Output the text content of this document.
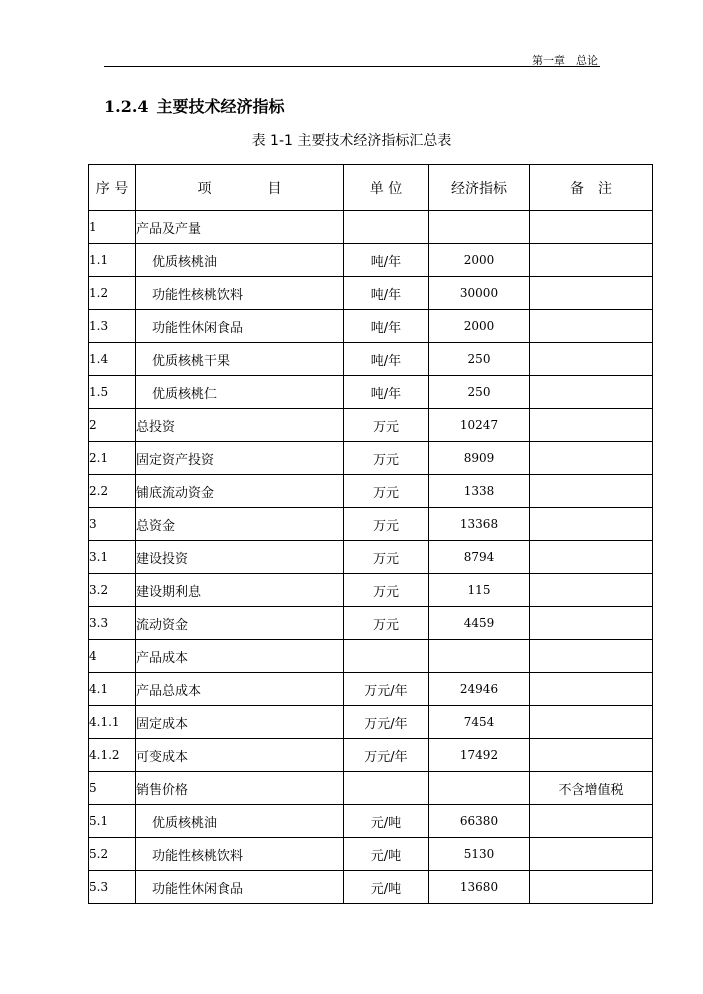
第一章　总论
1.2.4 主要技术经济指标
表 1-1 主要技术经济指标汇总表
序 号	项　　　　目	单 位	经济指标	备　注
1	产品及产量			
1.1	优质核桃油	吨/年	2000	
1.2	功能性核桃饮料	吨/年	30000	
1.3	功能性休闲食品	吨/年	2000	
1.4	优质核桃干果	吨/年	250	
1.5	优质核桃仁	吨/年	250	
2	总投资	万元	10247	
2.1	固定资产投资	万元	8909	
2.2	铺底流动资金	万元	1338	
3	总资金	万元	13368	
3.1	建设投资	万元	8794	
3.2	建设期利息	万元	115	
3.3	流动资金	万元	4459	
4	产品成本			
4.1	产品总成本	万元/年	24946	
4.1.1	固定成本	万元/年	7454	
4.1.2	可变成本	万元/年	17492	
5	销售价格			不含增值税
5.1	优质核桃油	元/吨	66380	
5.2	功能性核桃饮料	元/吨	5130	
5.3	功能性休闲食品	元/吨	13680	
